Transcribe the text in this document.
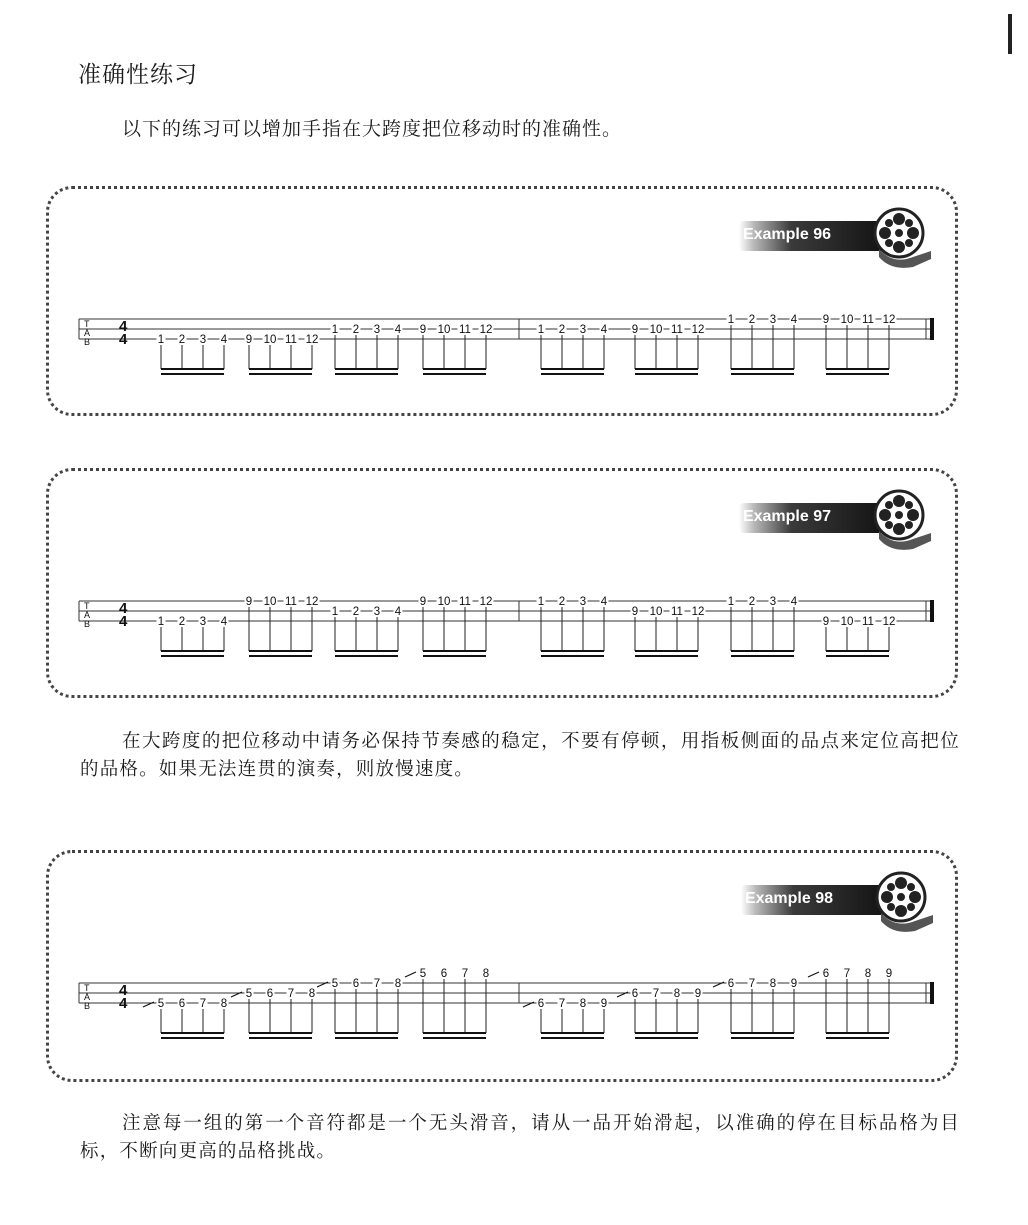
准确性练习
以下的练习可以增加手指在大跨度把位移动时的准确性。
Example 96
T
A
B
4
4	1 2 3 4 9 10 11 12
1 2 3 4 9 10 11 12	1 2 3 4 9 10 11 12
1 2 3 4 9 10 11 12
Example 97
T
A
B
4
4	1 2 3 4
9 10 11 12
1 2 3 4
9 10 11 12	1 2 3 4
9 10 11 12
1 2 3 4
9 10 11 12
在大跨度的把位移动中请务必保持节奏感的稳定，不要有停顿，用指板侧面的品点来定位高把位的品格。如果无法连贯的演奏，则放慢速度。
Example 98
T
A
B
4
4	5 6 7 8
5 6 7 8
5 6 7 8
5 6 7 8
6 7 8 9
6 7 8 9
6 7 8 9
6 7 8 9
注意每一组的第一个音符都是一个无头滑音，请从一品开始滑起，以准确的停在目标品格为目标，不断向更高的品格挑战。
